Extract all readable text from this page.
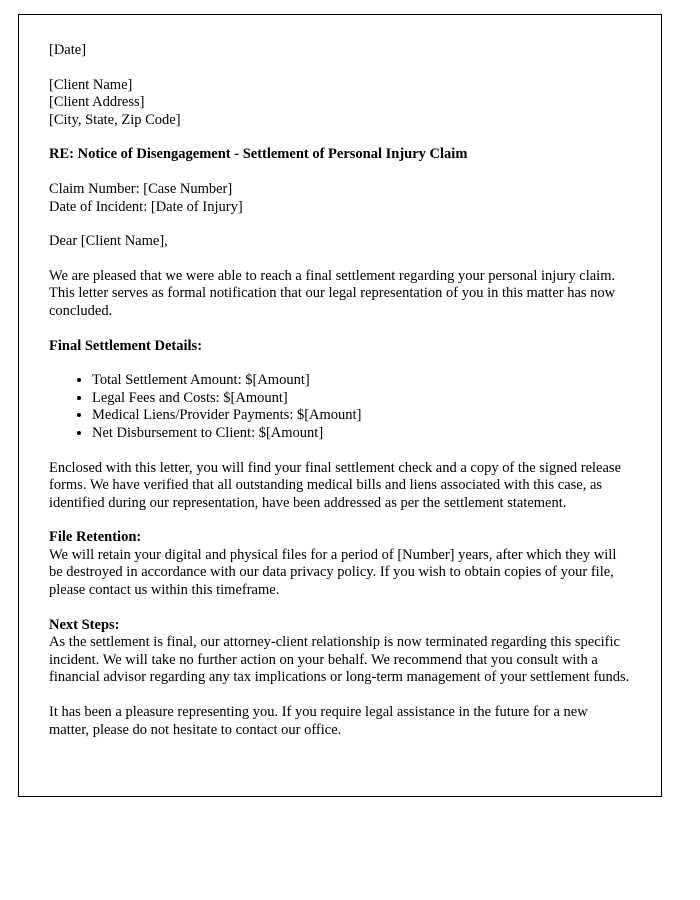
[Date]

[Client Name]
[Client Address]
[City, State, Zip Code]

RE: Notice of Disengagement - Settlement of Personal Injury Claim

Claim Number: [Case Number]
Date of Incident: [Date of Injury]

Dear [Client Name],

We are pleased that we were able to reach a final settlement regarding your personal injury claim. This letter serves as formal notification that our legal representation of you in this matter has now concluded.

Final Settlement Details:

• Total Settlement Amount: $[Amount]
• Legal Fees and Costs: $[Amount]
• Medical Liens/Provider Payments: $[Amount]
• Net Disbursement to Client: $[Amount]

Enclosed with this letter, you will find your final settlement check and a copy of the signed release forms. We have verified that all outstanding medical bills and liens associated with this case, as identified during our representation, have been addressed as per the settlement statement.

File Retention:
We will retain your digital and physical files for a period of [Number] years, after which they will be destroyed in accordance with our data privacy policy. If you wish to obtain copies of your file, please contact us within this timeframe.
Next Steps:
As the settlement is final, our attorney-client relationship is now terminated regarding this specific incident. We will take no further action on your behalf. We recommend that you consult with a financial advisor regarding any tax implications or long-term management of your settlement funds.

It has been a pleasure representing you. If you require legal assistance in the future for a new matter, please do not hesitate to contact our office.
